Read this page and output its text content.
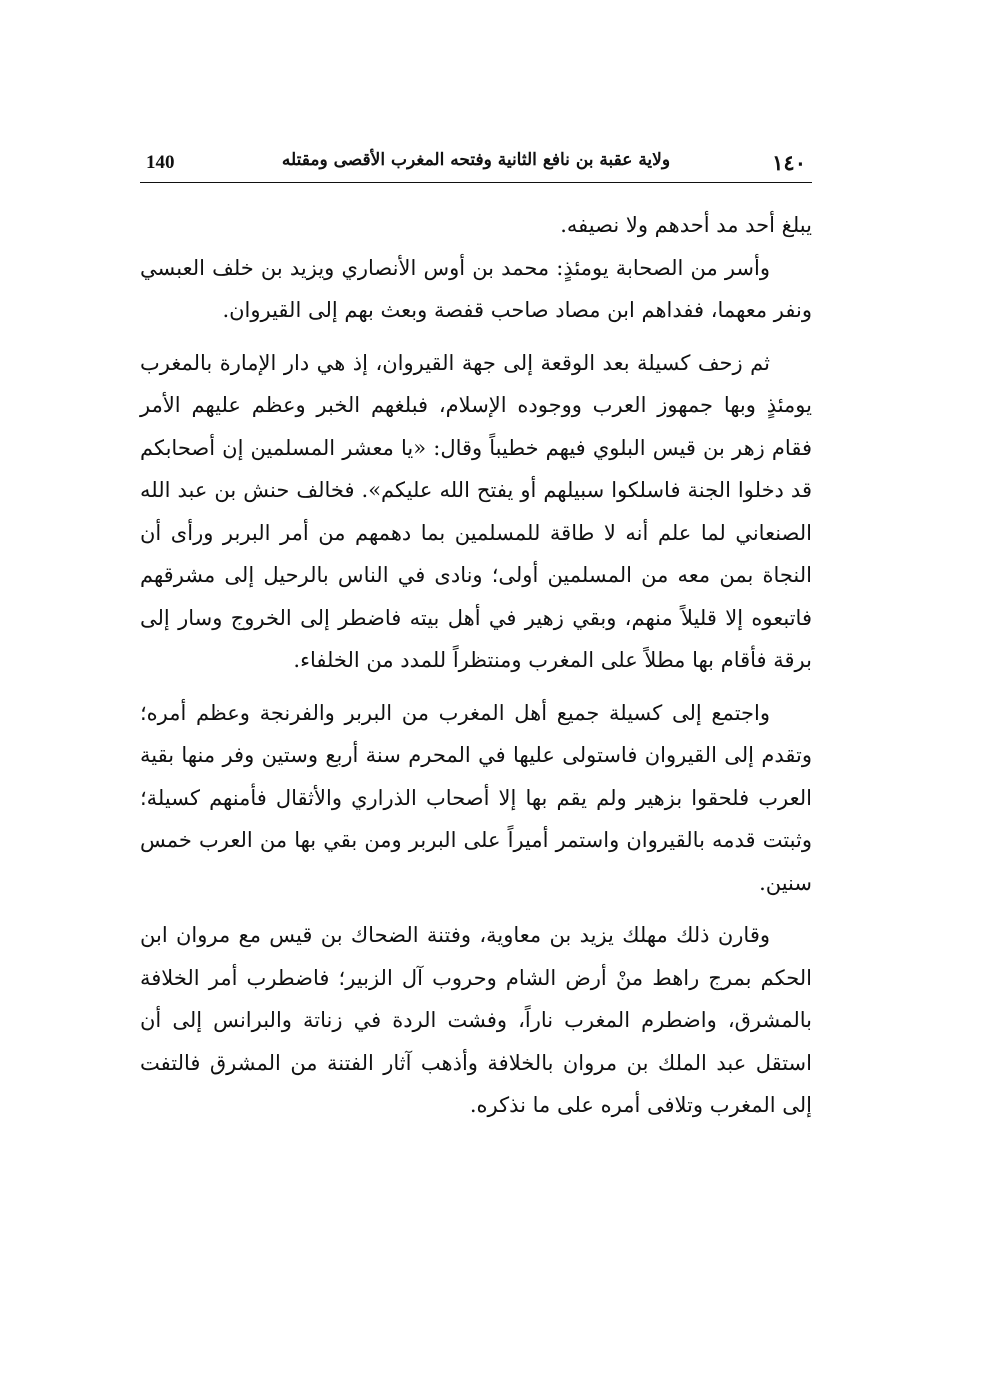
140	ولاية عقبة بن نافع الثانية وفتحه المغرب الأقصى ومقتله	١٤٠

يبلغ أحد مد أحدهم ولا نصيفه.

وأسر من الصحابة يومئذٍ: محمد بن أوس الأنصاري ويزيد بن خلف العبسي ونفر معهما، ففداهم ابن مصاد صاحب قفصة وبعث بهم إلى القيروان.

ثم زحف كسيلة بعد الوقعة إلى جهة القيروان، إذ هي دار الإمارة بالمغرب يومئذٍ وبها جمهوز العرب ووجوده الإسلام، فبلغهم الخبر وعظم عليهم الأمر فقام زهر بن قيس البلوي فيهم خطيباً وقال: «يا معشر المسلمين إن أصحابكم قد دخلوا الجنة فاسلكوا سبيلهم أو يفتح الله عليكم». فخالف حنش بن عبد الله الصنعاني لما علم أنه لا طاقة للمسلمين بما دهمهم من أمر البربر ورأى أن النجاة بمن معه من المسلمين أولى؛ ونادى في الناس بالرحيل إلى مشرقهم فاتبعوه إلا قليلاً منهم، وبقي زهير في أهل بيته فاضطر إلى الخروج وسار إلى برقة فأقام بها مطلاً على المغرب ومنتظراً للمدد من الخلفاء.

واجتمع إلى كسيلة جميع أهل المغرب من البربر والفرنجة وعظم أمره؛ وتقدم إلى القيروان فاستولى عليها في المحرم سنة أربع وستين وفر منها بقية العرب فلحقوا بزهير ولم يقم بها إلا أصحاب الذراري والأثقال فأمنهم كسيلة؛ وثبتت قدمه بالقيروان واستمر أميراً على البربر ومن بقي بها من العرب خمس سنين.

وقارن ذلك مهلك يزيد بن معاوية، وفتنة الضحاك بن قيس مع مروان ابن الحكم بمرج راهط منْ أرض الشام وحروب آل الزبير؛ فاضطرب أمر الخلافة بالمشرق، واضطرم المغرب ناراً، وفشت الردة في زناتة والبرانس إلى أن استقل عبد الملك بن مروان بالخلافة وأذهب آثار الفتنة من المشرق فالتفت إلى المغرب وتلافى أمره على ما نذكره.
